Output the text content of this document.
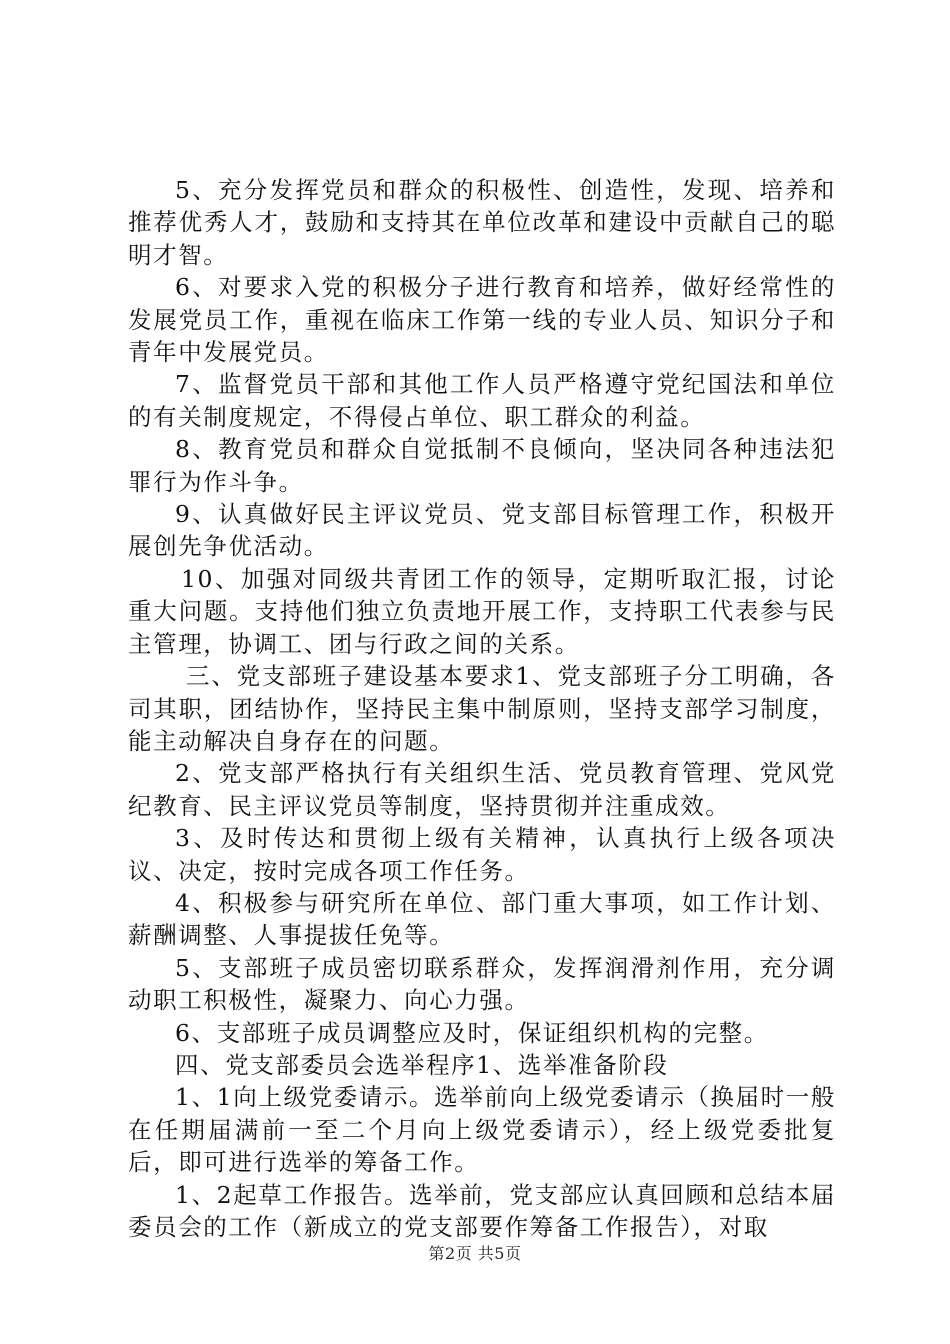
5、充分发挥党员和群众的积极性、创造性，发现、培养和推荐优秀人才，鼓励和支持其在单位改革和建设中贡献自己的聪明才智。

6、对要求入党的积极分子进行教育和培养，做好经常性的发展党员工作，重视在临床工作第一线的专业人员、知识分子和青年中发展党员。

7、监督党员干部和其他工作人员严格遵守党纪国法和单位的有关制度规定，不得侵占单位、职工群众的利益。

8、教育党员和群众自觉抵制不良倾向，坚决同各种违法犯罪行为作斗争。

9、认真做好民主评议党员、党支部目标管理工作，积极开展创先争优活动。

10、加强对同级共青团工作的领导，定期听取汇报，讨论重大问题。支持他们独立负责地开展工作，支持职工代表参与民主管理，协调工、团与行政之间的关系。

三、党支部班子建设基本要求1、党支部班子分工明确，各司其职，团结协作，坚持民主集中制原则，坚持支部学习制度，能主动解决自身存在的问题。

2、党支部严格执行有关组织生活、党员教育管理、党风党纪教育、民主评议党员等制度，坚持贯彻并注重成效。

3、及时传达和贯彻上级有关精神，认真执行上级各项决议、决定，按时完成各项工作任务。

4、积极参与研究所在单位、部门重大事项，如工作计划、薪酬调整、人事提拔任免等。

5、支部班子成员密切联系群众，发挥润滑剂作用，充分调动职工积极性，凝聚力、向心力强。

6、支部班子成员调整应及时，保证组织机构的完整。

四、党支部委员会选举程序1、选举准备阶段

1、1向上级党委请示。选举前向上级党委请示（换届时一般在任期届满前一至二个月向上级党委请示），经上级党委批复后，即可进行选举的筹备工作。

1、2起草工作报告。选举前，党支部应认真回顾和总结本届委员会的工作（新成立的党支部要作筹备工作报告），对取

第2页 共5页
